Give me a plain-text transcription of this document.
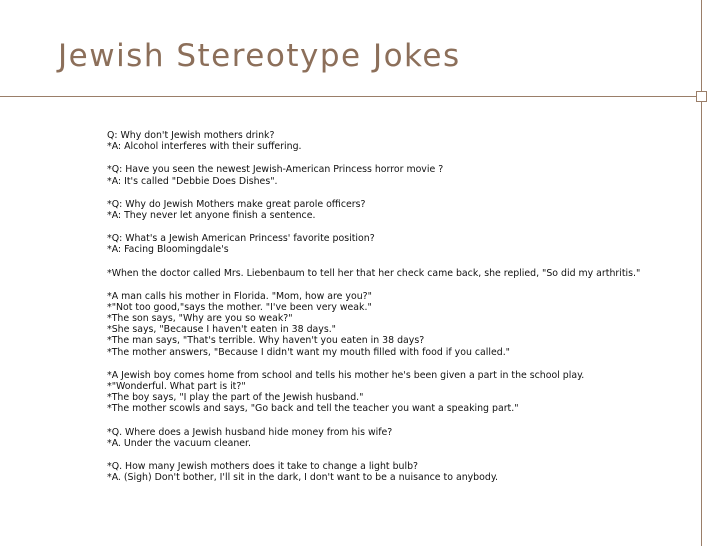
Jewish Stereotype Jokes
Q: Why don't Jewish mothers drink?
*A: Alcohol interferes with their suffering.
*Q: Have you seen the newest Jewish-American Princess horror movie ?
*A: It's called "Debbie Does Dishes".
*Q: Why do Jewish Mothers make great parole officers?
*A: They never let anyone finish a sentence.
*Q: What's a Jewish American Princess' favorite position?
*A: Facing Bloomingdale's
*When the doctor called Mrs. Liebenbaum to tell her that her check came back, she replied, "So did my arthritis."
*A man calls his mother in Florida. "Mom, how are you?"
*"Not too good,"says the mother. "I've been very weak."
*The son says, "Why are you so weak?"
*She says, "Because I haven't eaten in 38 days."
*The man says, "That's terrible. Why haven't you eaten in 38 days?
*The mother answers, "Because I didn't want my mouth filled with food if you called."
*A Jewish boy comes home from school and tells his mother he's been given a part in the school play.
*"Wonderful. What part is it?"
*The boy says, "I play the part of the Jewish husband."
*The mother scowls and says, "Go back and tell the teacher you want a speaking part."
*Q. Where does a Jewish husband hide money from his wife?
*A. Under the vacuum cleaner.
*Q. How many Jewish mothers does it take to change a light bulb?
*A. (Sigh) Don't bother, I'll sit in the dark, I don't want to be a nuisance to anybody.
